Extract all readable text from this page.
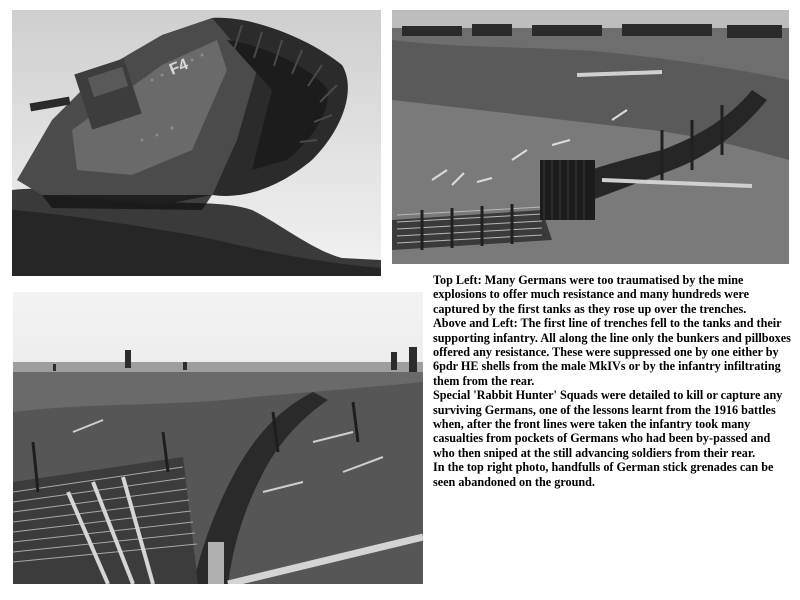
F4

Top Left: Many Germans were too traumatised by the mine explosions to offer much resistance and many hundreds were captured by the first tanks as they rose up over the trenches.

Above and Left: The first line of trenches fell to the tanks and their supporting infantry. All along the line only the bunkers and pillboxes offered any resistance. These were suppressed one by one either by 6pdr HE shells from the male MkIVs or by the infantry infiltrating them from the rear.

Special 'Rabbit Hunter' Squads were detailed to kill or capture any surviving Germans, one of the lessons learnt from the 1916 battles when, after the front lines were taken the infantry took many casualties from pockets of Germans who had been by-passed and who then sniped at the still advancing soldiers from their rear.

In the top right photo, handfulls of German stick grenades can be seen abandoned on the ground.
